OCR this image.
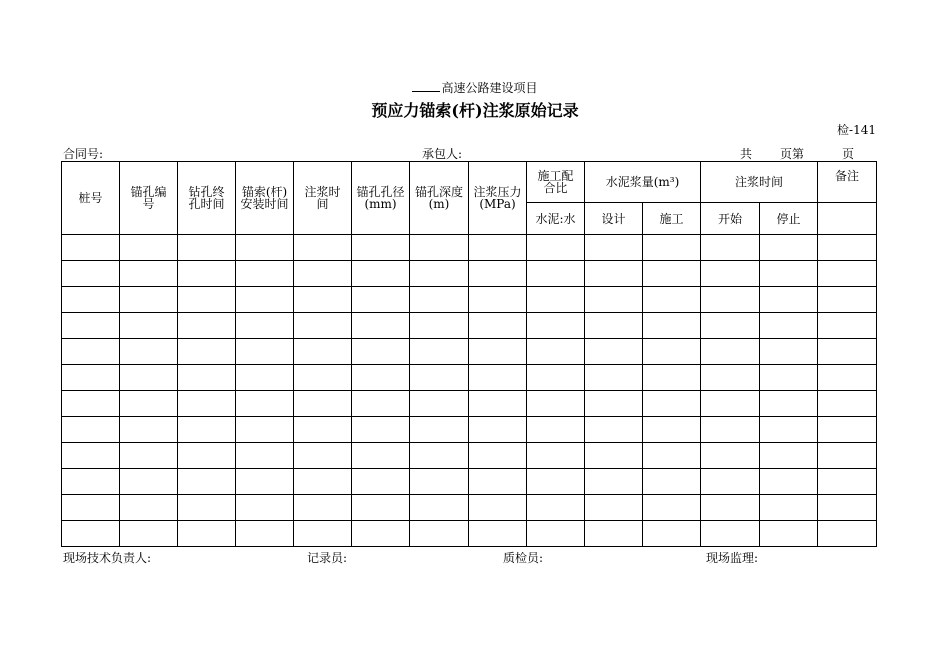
高速公路建设项目
预应力锚索(杆)注浆原始记录
检-141
合同号:	承包人:	共 页第	页
桩号	锚孔编号	钻孔终孔时间	锚索(杆)安装时间	注浆时间	锚孔孔径(mm)	锚孔深度(m)	注浆压力(MPa)	施工配合比	水泥浆量(m³)		注浆时间		备注
								水泥:水	设计	施工	开始	停止	

现场技术负责人:	记录员:	质检员:	现场监理:
